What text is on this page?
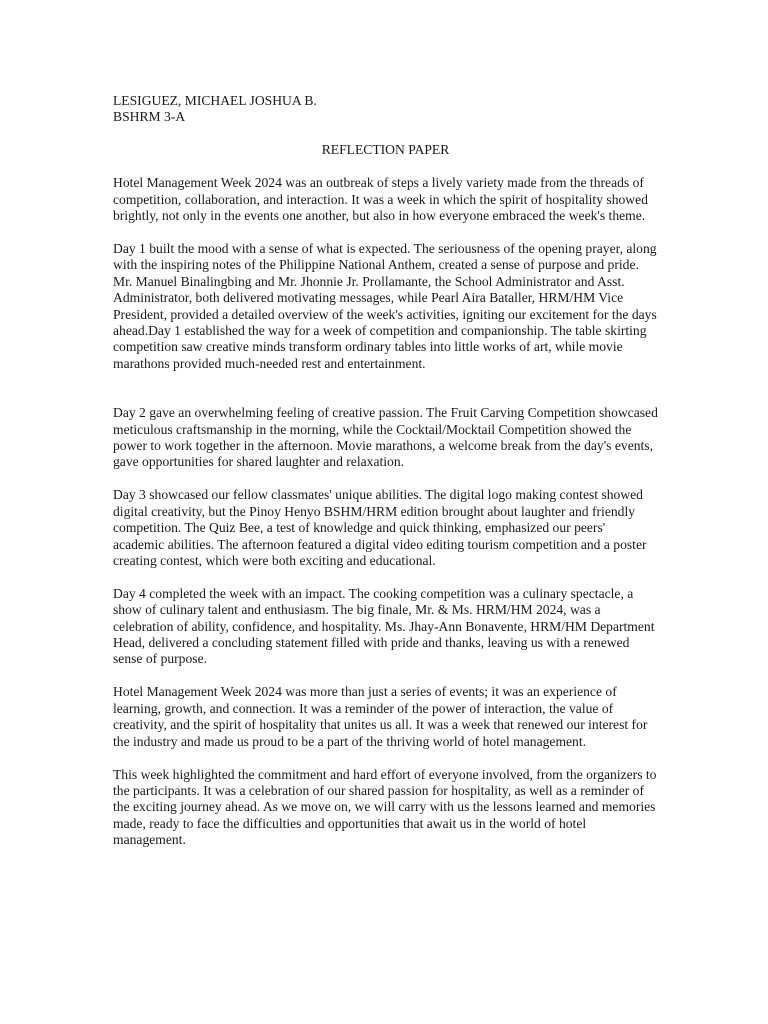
LESIGUEZ, MICHAEL JOSHUA B.

BSHRM 3-A

REFLECTION PAPER

Hotel Management Week 2024 was an outbreak of steps a lively variety made from the threads of competition, collaboration, and interaction. It was a week in which the spirit of hospitality showed brightly, not only in the events one another, but also in how everyone embraced the week's theme.

Day 1 built the mood with a sense of what is expected. The seriousness of the opening prayer, along with the inspiring notes of the Philippine National Anthem, created a sense of purpose and pride. Mr. Manuel Binalingbing and Mr. Jhonnie Jr. Prollamante, the School Administrator and Asst. Administrator, both delivered motivating messages, while Pearl Aira Bataller, HRM/HM Vice President, provided a detailed overview of the week's activities, igniting our excitement for the days ahead.Day 1 established the way for a week of competition and companionship. The table skirting competition saw creative minds transform ordinary tables into little works of art, while movie marathons provided much-needed rest and entertainment.

Day 2 gave an overwhelming feeling of creative passion. The Fruit Carving Competition showcased meticulous craftsmanship in the morning, while the Cocktail/Mocktail Competition showed the power to work together in the afternoon. Movie marathons, a welcome break from the day's events, gave opportunities for shared laughter and relaxation.

Day 3 showcased our fellow classmates' unique abilities. The digital logo making contest showed digital creativity, but the Pinoy Henyo BSHM/HRM edition brought about laughter and friendly competition. The Quiz Bee, a test of knowledge and quick thinking, emphasized our peers' academic abilities. The afternoon featured a digital video editing tourism competition and a poster creating contest, which were both exciting and educational.

Day 4 completed the week with an impact. The cooking competition was a culinary spectacle, a show of culinary talent and enthusiasm. The big finale, Mr. & Ms. HRM/HM 2024, was a celebration of ability, confidence, and hospitality. Ms. Jhay-Ann Bonavente, HRM/HM Department Head, delivered a concluding statement filled with pride and thanks, leaving us with a renewed sense of purpose.

Hotel Management Week 2024 was more than just a series of events; it was an experience of learning, growth, and connection. It was a reminder of the power of interaction, the value of creativity, and the spirit of hospitality that unites us all. It was a week that renewed our interest for the industry and made us proud to be a part of the thriving world of hotel management.

This week highlighted the commitment and hard effort of everyone involved, from the organizers to the participants. It was a celebration of our shared passion for hospitality, as well as a reminder of the exciting journey ahead. As we move on, we will carry with us the lessons learned and memories made, ready to face the difficulties and opportunities that await us in the world of hotel management.
